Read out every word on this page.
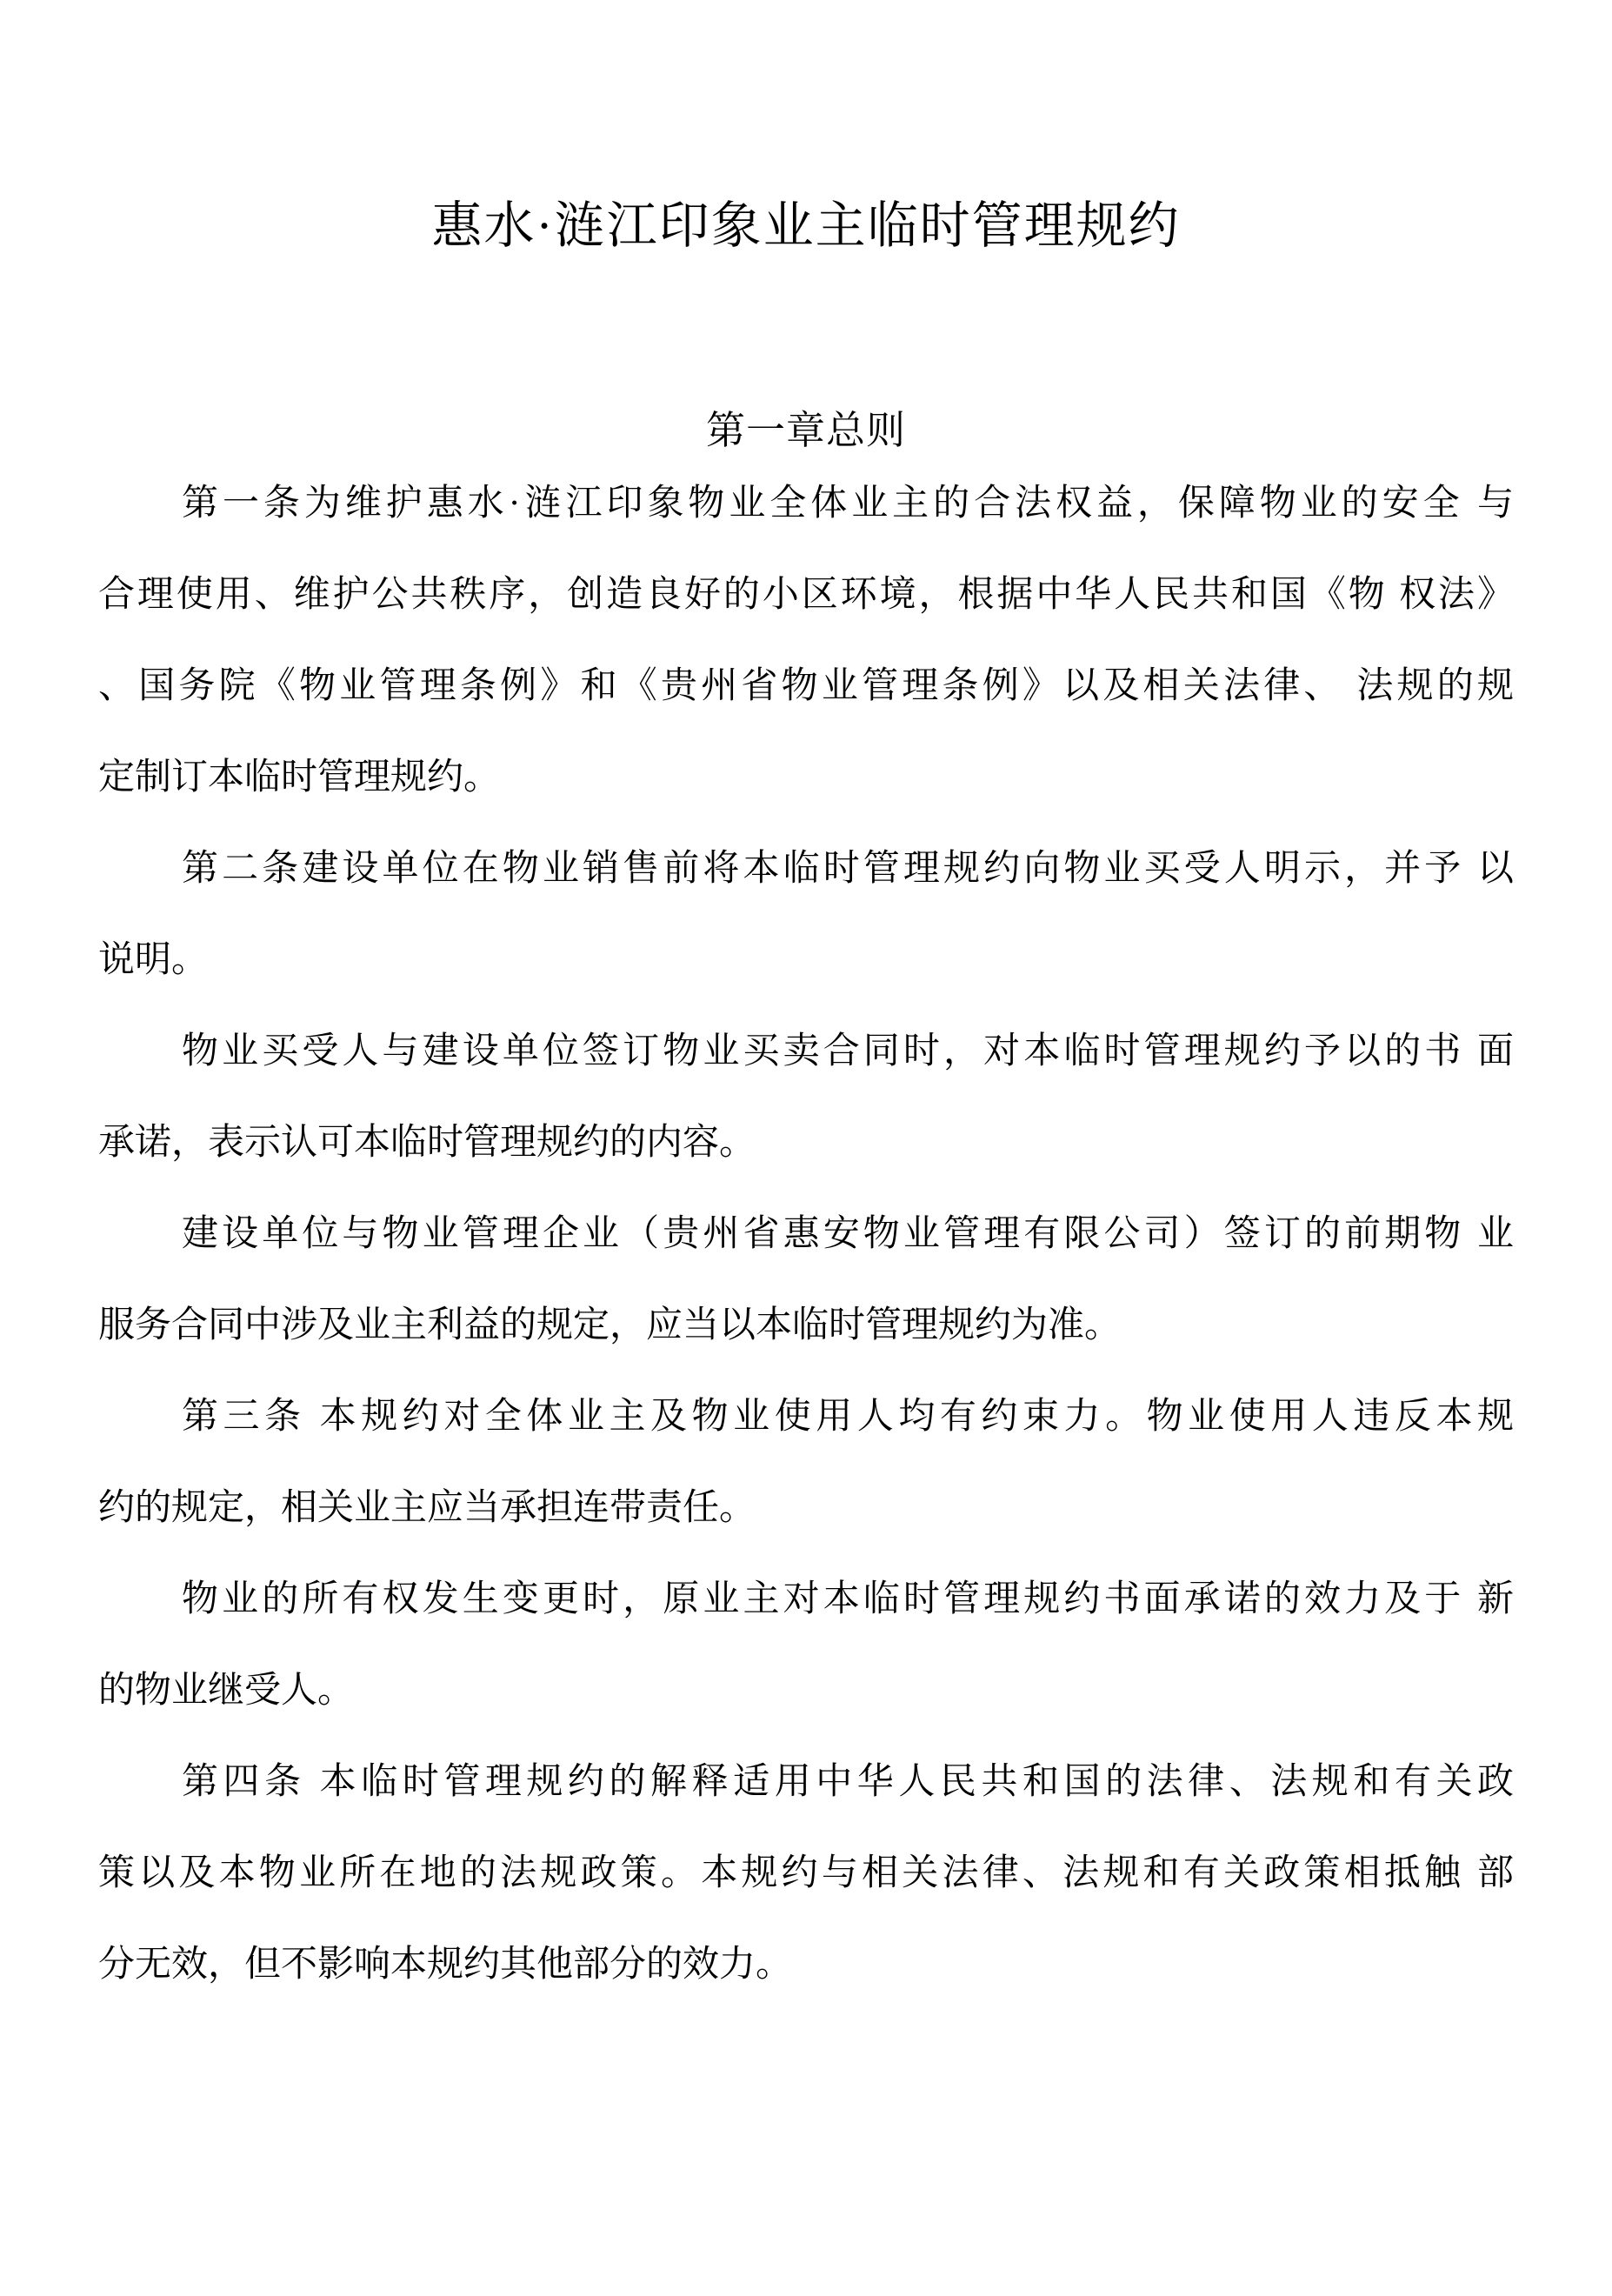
惠水·涟江印象业主临时管理规约
第一章总则
第一条为维护惠水·涟江印象物业全体业主的合法权益，保障物业的安全 与
合理使用、维护公共秩序，创造良好的小区环境，根据中华人民共和国《物 权法》
、国务院《物业管理条例》和《贵州省物业管理条例》以及相关法律、 法规的规
定制订本临时管理规约。
第二条建设单位在物业销售前将本临时管理规约向物业买受人明示，并予 以
说明。
物业买受人与建设单位签订物业买卖合同时，对本临时管理规约予以的书 面
承诺，表示认可本临时管理规约的内容。
建设单位与物业管理企业（贵州省惠安物业管理有限公司）签订的前期物 业
服务合同中涉及业主利益的规定，应当以本临时管理规约为准。
第三条 本规约对全体业主及物业使用人均有约束力。物业使用人违反本规
约的规定，相关业主应当承担连带责任。
物业的所有权发生变更时，原业主对本临时管理规约书面承诺的效力及于 新
的物业继受人。
第四条 本临时管理规约的解释适用中华人民共和国的法律、法规和有关政
策以及本物业所在地的法规政策。本规约与相关法律、法规和有关政策相抵触 部
分无效，但不影响本规约其他部分的效力。
